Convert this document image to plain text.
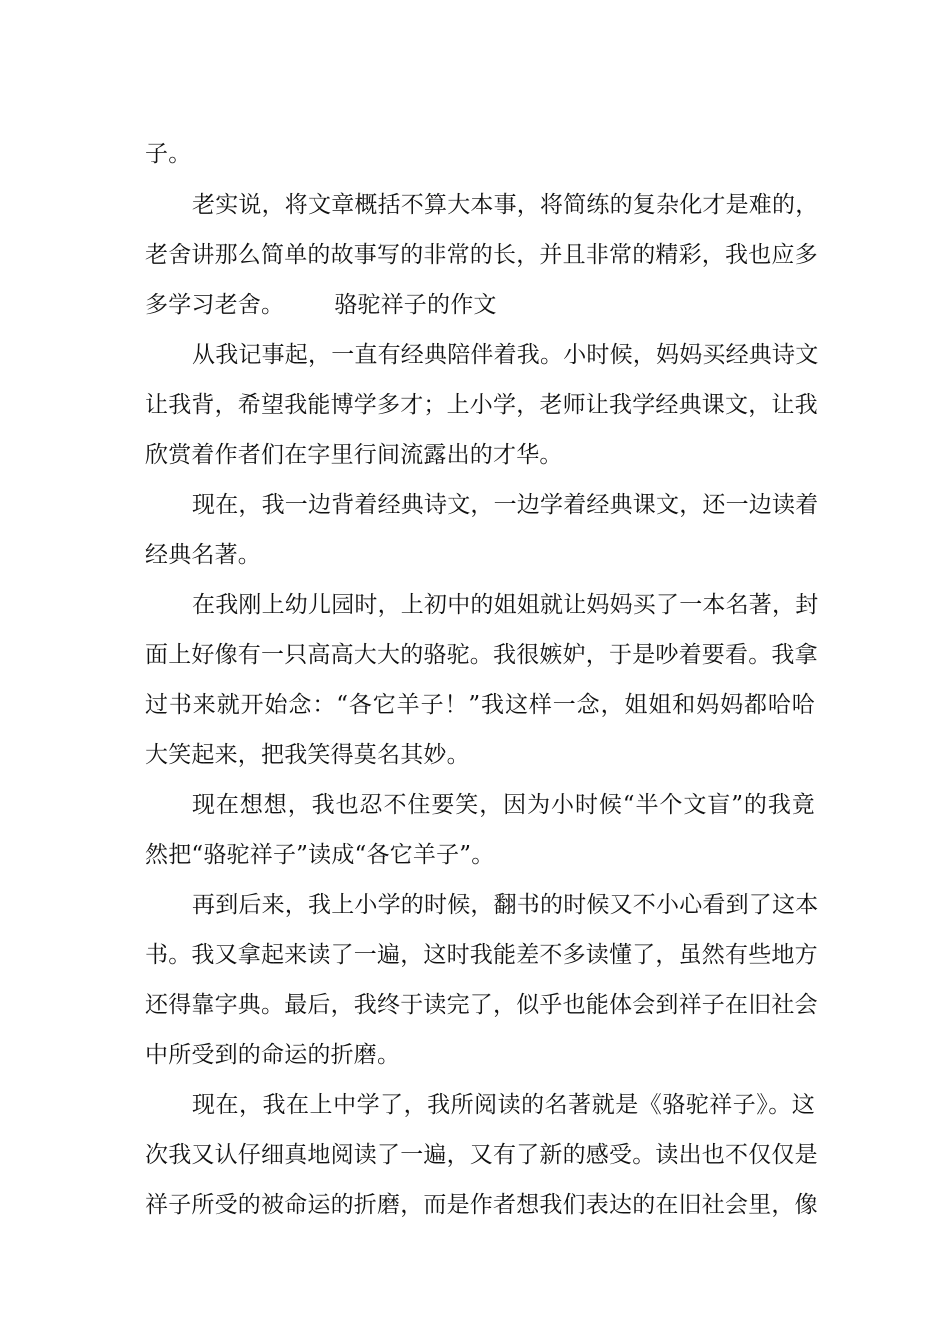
子。
老实说，将文章概括不算大本事，将简练的复杂化才是难的，
老舍讲那么简单的故事写的非常的长，并且非常的精彩，我也应多
多学习老舍。 骆驼祥子的作文
从我记事起，一直有经典陪伴着我。小时候，妈妈买经典诗文
让我背，希望我能博学多才；上小学，老师让我学经典课文，让我
欣赏着作者们在字里行间流露出的才华。
现在，我一边背着经典诗文，一边学着经典课文，还一边读着
经典名著。
在我刚上幼儿园时，上初中的姐姐就让妈妈买了一本名著，封
面上好像有一只高高大大的骆驼。我很嫉妒，于是吵着要看。我拿
过书来就开始念：“各它羊子！”我这样一念，姐姐和妈妈都哈哈
大笑起来，把我笑得莫名其妙。
现在想想，我也忍不住要笑，因为小时候“半个文盲”的我竟
然把“骆驼祥子”读成“各它羊子”。
再到后来，我上小学的时候，翻书的时候又不小心看到了这本
书。我又拿起来读了一遍，这时我能差不多读懂了，虽然有些地方
还得靠字典。最后，我终于读完了，似乎也能体会到祥子在旧社会
中所受到的命运的折磨。
现在，我在上中学了，我所阅读的名著就是《骆驼祥子》。这
次我又认仔细真地阅读了一遍，又有了新的感受。读出也不仅仅是
祥子所受的被命运的折磨，而是作者想我们表达的在旧社会里，像
